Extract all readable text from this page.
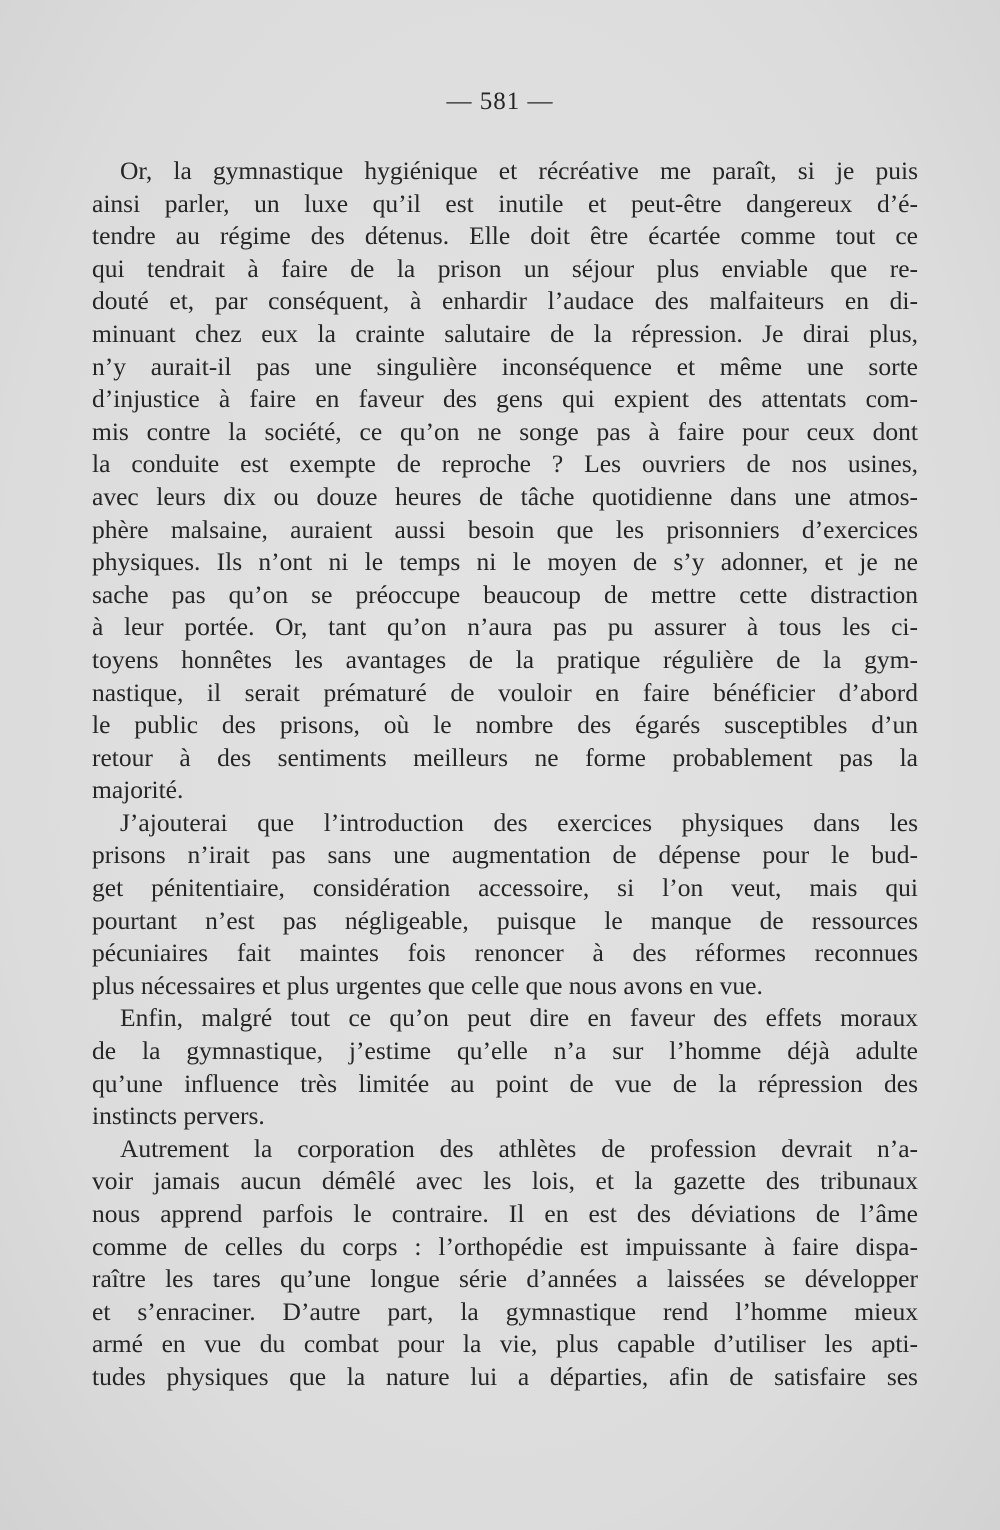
— 581 —
Or, la gymnastique hygiénique et récréative me paraît, si je puis
ainsi parler, un luxe qu’il est inutile et peut-être dangereux d’é-
tendre au régime des détenus. Elle doit être écartée comme tout ce
qui tendrait à faire de la prison un séjour plus enviable que re-
douté et, par conséquent, à enhardir l’audace des malfaiteurs en di-
minuant chez eux la crainte salutaire de la répression. Je dirai plus,
n’y aurait-il pas une singulière inconséquence et même une sorte
d’injustice à faire en faveur des gens qui expient des attentats com-
mis contre la société, ce qu’on ne songe pas à faire pour ceux dont
la conduite est exempte de reproche ? Les ouvriers de nos usines,
avec leurs dix ou douze heures de tâche quotidienne dans une atmos-
phère malsaine, auraient aussi besoin que les prisonniers d’exercices
physiques. Ils n’ont ni le temps ni le moyen de s’y adonner, et je ne
sache pas qu’on se préoccupe beaucoup de mettre cette distraction
à leur portée. Or, tant qu’on n’aura pas pu assurer à tous les ci-
toyens honnêtes les avantages de la pratique régulière de la gym-
nastique, il serait prématuré de vouloir en faire bénéficier d’abord
le public des prisons, où le nombre des égarés susceptibles d’un
retour à des sentiments meilleurs ne forme probablement pas la
majorité.
J’ajouterai que l’introduction des exercices physiques dans les
prisons n’irait pas sans une augmentation de dépense pour le bud-
get pénitentiaire, considération accessoire, si l’on veut, mais qui
pourtant n’est pas négligeable, puisque le manque de ressources
pécuniaires fait maintes fois renoncer à des réformes reconnues
plus nécessaires et plus urgentes que celle que nous avons en vue.
Enfin, malgré tout ce qu’on peut dire en faveur des effets moraux
de la gymnastique, j’estime qu’elle n’a sur l’homme déjà adulte
qu’une influence très limitée au point de vue de la répression des
instincts pervers.
Autrement la corporation des athlètes de profession devrait n’a-
voir jamais aucun démêlé avec les lois, et la gazette des tribunaux
nous apprend parfois le contraire. Il en est des déviations de l’âme
comme de celles du corps : l’orthopédie est impuissante à faire dispa-
raître les tares qu’une longue série d’années a laissées se développer
et s’enraciner. D’autre part, la gymnastique rend l’homme mieux
armé en vue du combat pour la vie, plus capable d’utiliser les apti-
tudes physiques que la nature lui a départies, afin de satisfaire ses
